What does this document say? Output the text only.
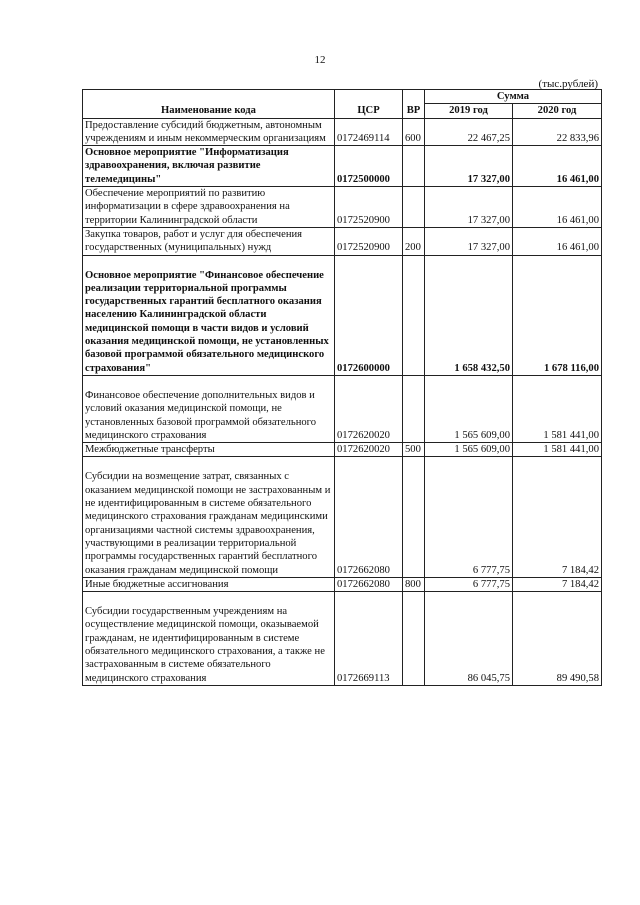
12
(тыс.рублей)
Наименование кода	ЦСР	ВР	Сумма	
			2019 год	2020 год
Предоставление субсидий бюджетным, автономным учреждениям и иным некоммерческим организациям	0172469114	600	22 467,25	22 833,96
Основное мероприятие "Информатизация здравоохранения, включая развитие телемедицины"	0172500000		17 327,00	16 461,00
Обеспечение мероприятий по развитию информатизации в сфере здравоохранения на территории Калининградской области	0172520900		17 327,00	16 461,00
Закупка товаров, работ и услуг для обеспечения государственных (муниципальных) нужд	0172520900	200	17 327,00	16 461,00

Основное мероприятие "Финансовое обеспечение реализации территориальной программы государственных гарантий бесплатного оказания населению Калининградской области медицинской помощи в части видов и условий оказания медицинской помощи, не установленных базовой программой обязательного медицинского страхования"	0172600000		1 658 432,50	1 678 116,00

Финансовое обеспечение дополнительных видов и условий оказания медицинской помощи, не установленных базовой программой обязательного медицинского страхования	0172620020		1 565 609,00	1 581 441,00
Межбюджетные трансферты	0172620020	500	1 565 609,00	1 581 441,00

Субсидии на возмещение затрат, связанных с оказанием медицинской помощи не застрахованным и не идентифицированным в системе обязательного медицинского страхования гражданам медицинскими организациями частной системы здравоохранения, участвующими в реализации территориальной программы государственных гарантий бесплатного оказания гражданам медицинской помощи	0172662080		6 777,75	7 184,42
Иные бюджетные ассигнования	0172662080	800	6 777,75	7 184,42

Субсидии государственным учреждениям на осуществление медицинской помощи, оказываемой гражданам, не идентифицированным в системе обязательного медицинского страхования, а также не застрахованным в системе обязательного медицинского страхования	0172669113		86 045,75	89 490,58
